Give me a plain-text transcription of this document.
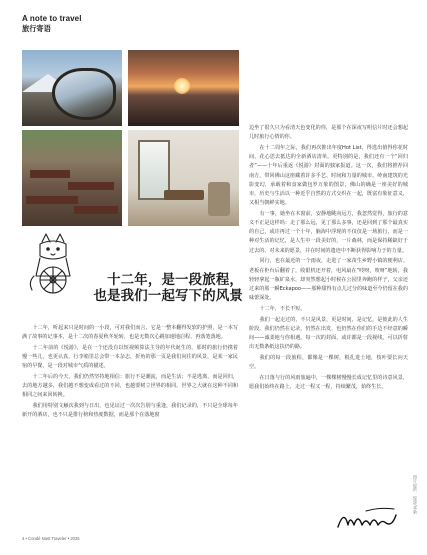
A note to travel
旅行寄语
十二年，是一段旅程，
也是我们一起写下的风景

边坐了很久只为看清天色变化的你，是那个在深夜写明信片时还会想起儿时旅行心情的你。

在十二周年之际，我们再次推出年度Hot List，得选出值得你花时间、花心思去抵达的全新酒店清单，更特别的是，我们还有一个“回归者”——十年后重返《悦游》封面的独家报道。这一次，我们将推荐回南方，带回佛山这座藏着许多手艺、时间和力量的城市。岭南建筑的光影变幻，承载着和食家做包罗万象的图景，佛山的确是一座美好的城市，历史与生活以一种近乎自然的方式交织在一起，既富有象征意义，又相当朝鲜实地。

有一事，她坐在木窗前，安静地眺向远方，我忽然觉得，旅行的意义不正是这样吗：走了那么远，见了那么多事，还是回到了那个最真实的自己，或许再过一个十年，脑海中浮现的不仅仅是一场旅行，而是一种对生活的记忆，是人生中一段美好的，一片森林，而是保持稀缺好于过去的、对未来的愿景，并在时间的遗迹中不断获得影响力于的力量。

同行，也在最近的一个雨夜，走进了一家苗生乡野小镇的便利店。老板在柜台后翻着了，收银机还开着，电风扇在“吱呀，吱呀”地转，我轻轻拿起一瓶矿泉水，却突然想起小时候在公园里奔跑的样子，父亲还过来的那一瞬Eckapoo——那种甜得有点儿过分的味道至今仍留在我的味蕾深处。

十二年，不长不短。

我们一起走过的，不只是风景，更是时间，是记忆，是彼此的人生阶段。我们仍然在记录，仍然在出发，也仍然在你们的手边不经意的瞬间——诚柔地与你相遇。每一次的封面，或许都是一段视线，可以折射出无数条纸这扶仍的路。

我们的每一段旅程，都像是一棵树，根扎进土地，枝叶要长向天空。

在日落与行的风雨旅遍中，一棵棵树慢慢长成记忆里的诗意风景，愿我们始终在路上，走过一程又一程，持续繁茂，始终生长。

十二年，听起来只是时间的一小段，可对我们而言，它是一整本翻得发软的护照，是一本写满了故事的记事本，是十二次的春夏秋冬轮转，也是无数次心跳加速地启程、再落笔落地。

十二年前的《悦游》，是在一个还没有以短视频算法主导的年代诞生的，那时的旅行仍携着慢一些儿，也更认真，行李箱里总会带一本杂志，折角的那一页是我们向往的风景，是某一家民宿的早餐，是一段对城市气质的描述。

十二年后的今天，我们仍然坚持地相信：旅行不是潮流，而是生活；不是逃离，而是回归，去的地方越多，我们越不想变成看过的不同，也越要树立世界的相同。世界之大就在这种不同和相同之间来回转换。

我们用特别文触次我到与日出，也见证过一次次告别与重逢，我们记录的，不只是全球每年新开的酒店，也不只是排行榜和热度数据，而是那个在落地窗

图片提供：悦游/华新
4 • Condé Nast Traveler • 2025
